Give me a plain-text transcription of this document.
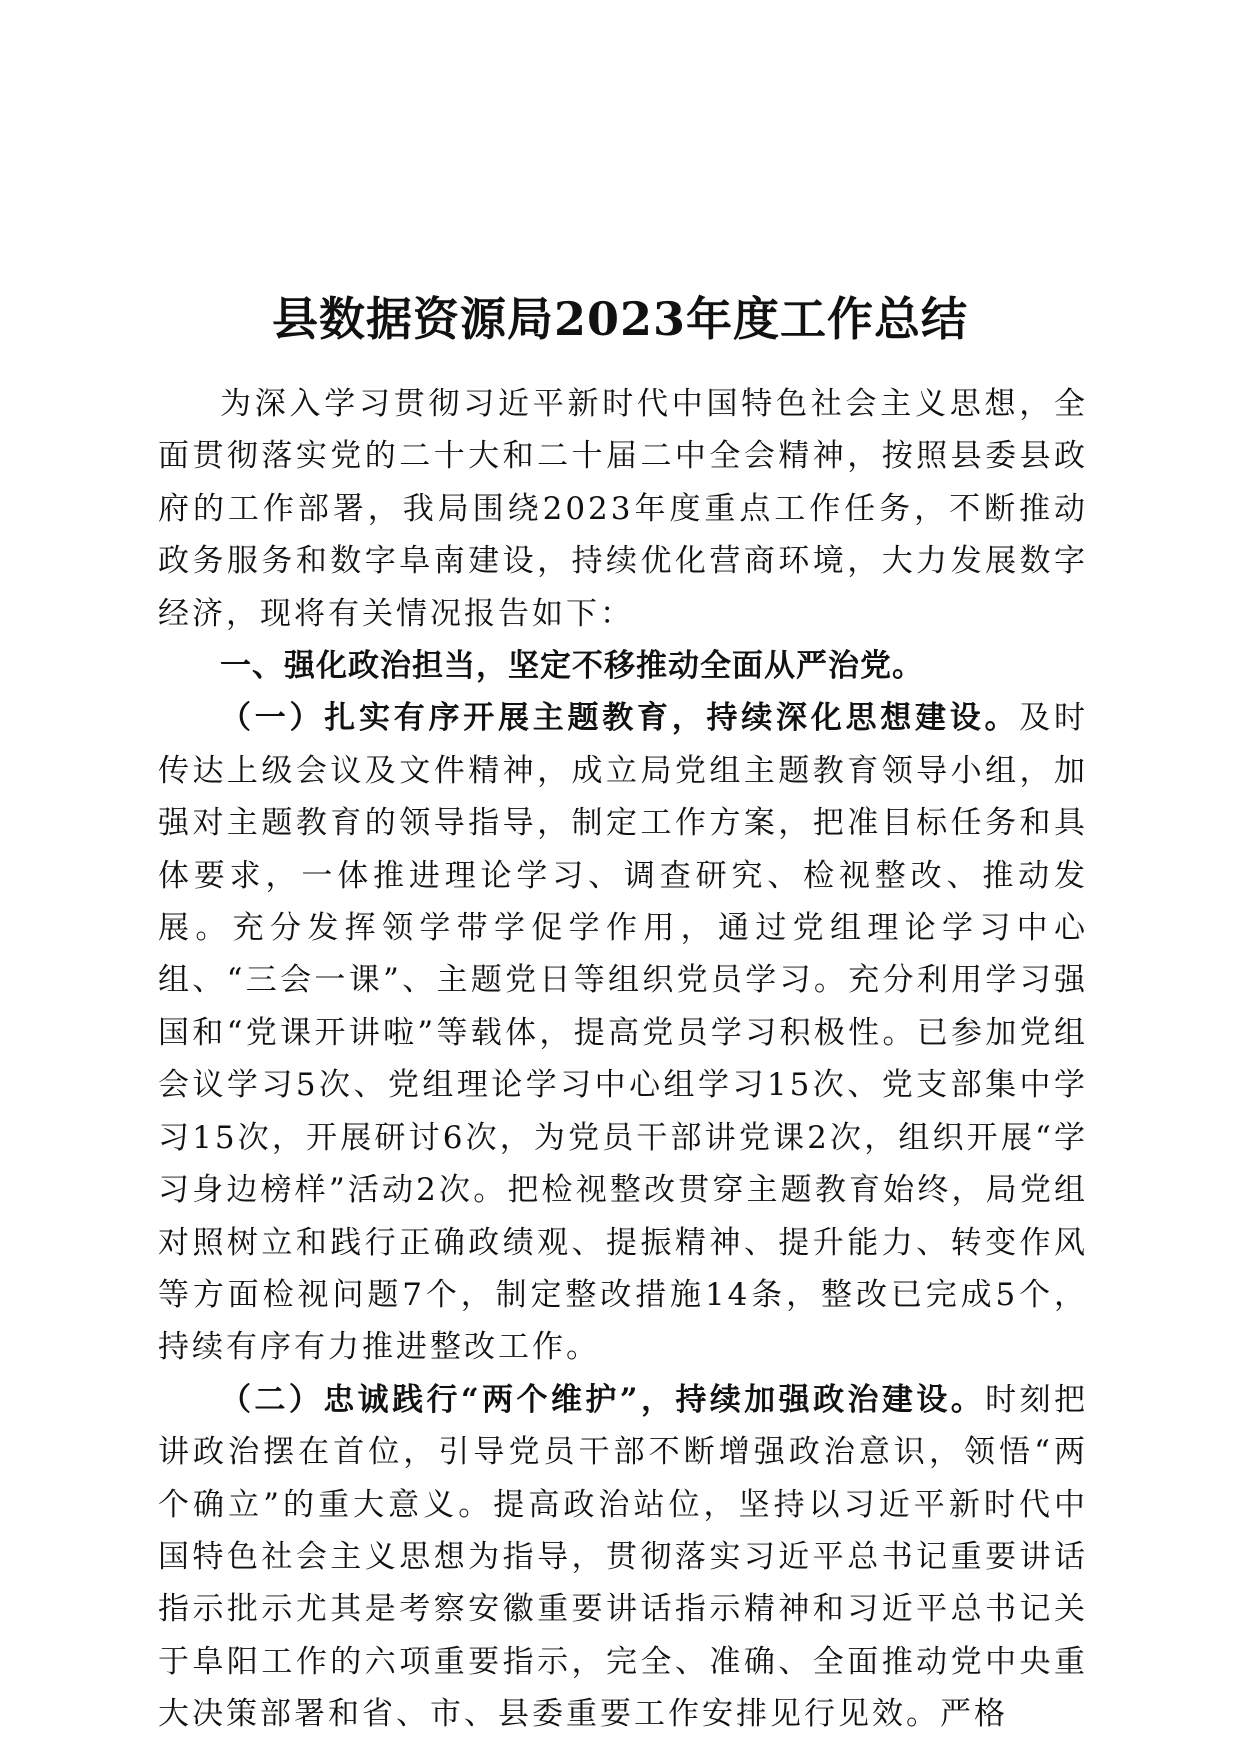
县数据资源局2023年度工作总结

为深入学习贯彻习近平新时代中国特色社会主义思想，全面贯彻落实党的二十大和二十届二中全会精神，按照县委县政府的工作部署，我局围绕2023年度重点工作任务，不断推动政务服务和数字阜南建设，持续优化营商环境，大力发展数字经济，现将有关情况报告如下：

一、强化政治担当，坚定不移推动全面从严治党。

（一）扎实有序开展主题教育，持续深化思想建设。及时传达上级会议及文件精神，成立局党组主题教育领导小组，加强对主题教育的领导指导，制定工作方案，把准目标任务和具体要求，一体推进理论学习、调查研究、检视整改、推动发展。充分发挥领学带学促学作用，通过党组理论学习中心组、“三会一课”、主题党日等组织党员学习。充分利用学习强国和“党课开讲啦”等载体，提高党员学习积极性。已参加党组会议学习5次、党组理论学习中心组学习15次、党支部集中学习15次，开展研讨6次，为党员干部讲党课2次，组织开展“学习身边榜样”活动2次。把检视整改贯穿主题教育始终，局党组对照树立和践行正确政绩观、提振精神、提升能力、转变作风等方面检视问题7个，制定整改措施14条，整改已完成5个，持续有序有力推进整改工作。

（二）忠诚践行“两个维护”，持续加强政治建设。时刻把讲政治摆在首位，引导党员干部不断增强政治意识，领悟“两个确立”的重大意义。提高政治站位，坚持以习近平新时代中国特色社会主义思想为指导，贯彻落实习近平总书记重要讲话指示批示尤其是考察安徽重要讲话指示精神和习近平总书记关于阜阳工作的六项重要指示，完全、准确、全面推动党中央重大决策部署和省、市、县委重要工作安排见行见效。严格
